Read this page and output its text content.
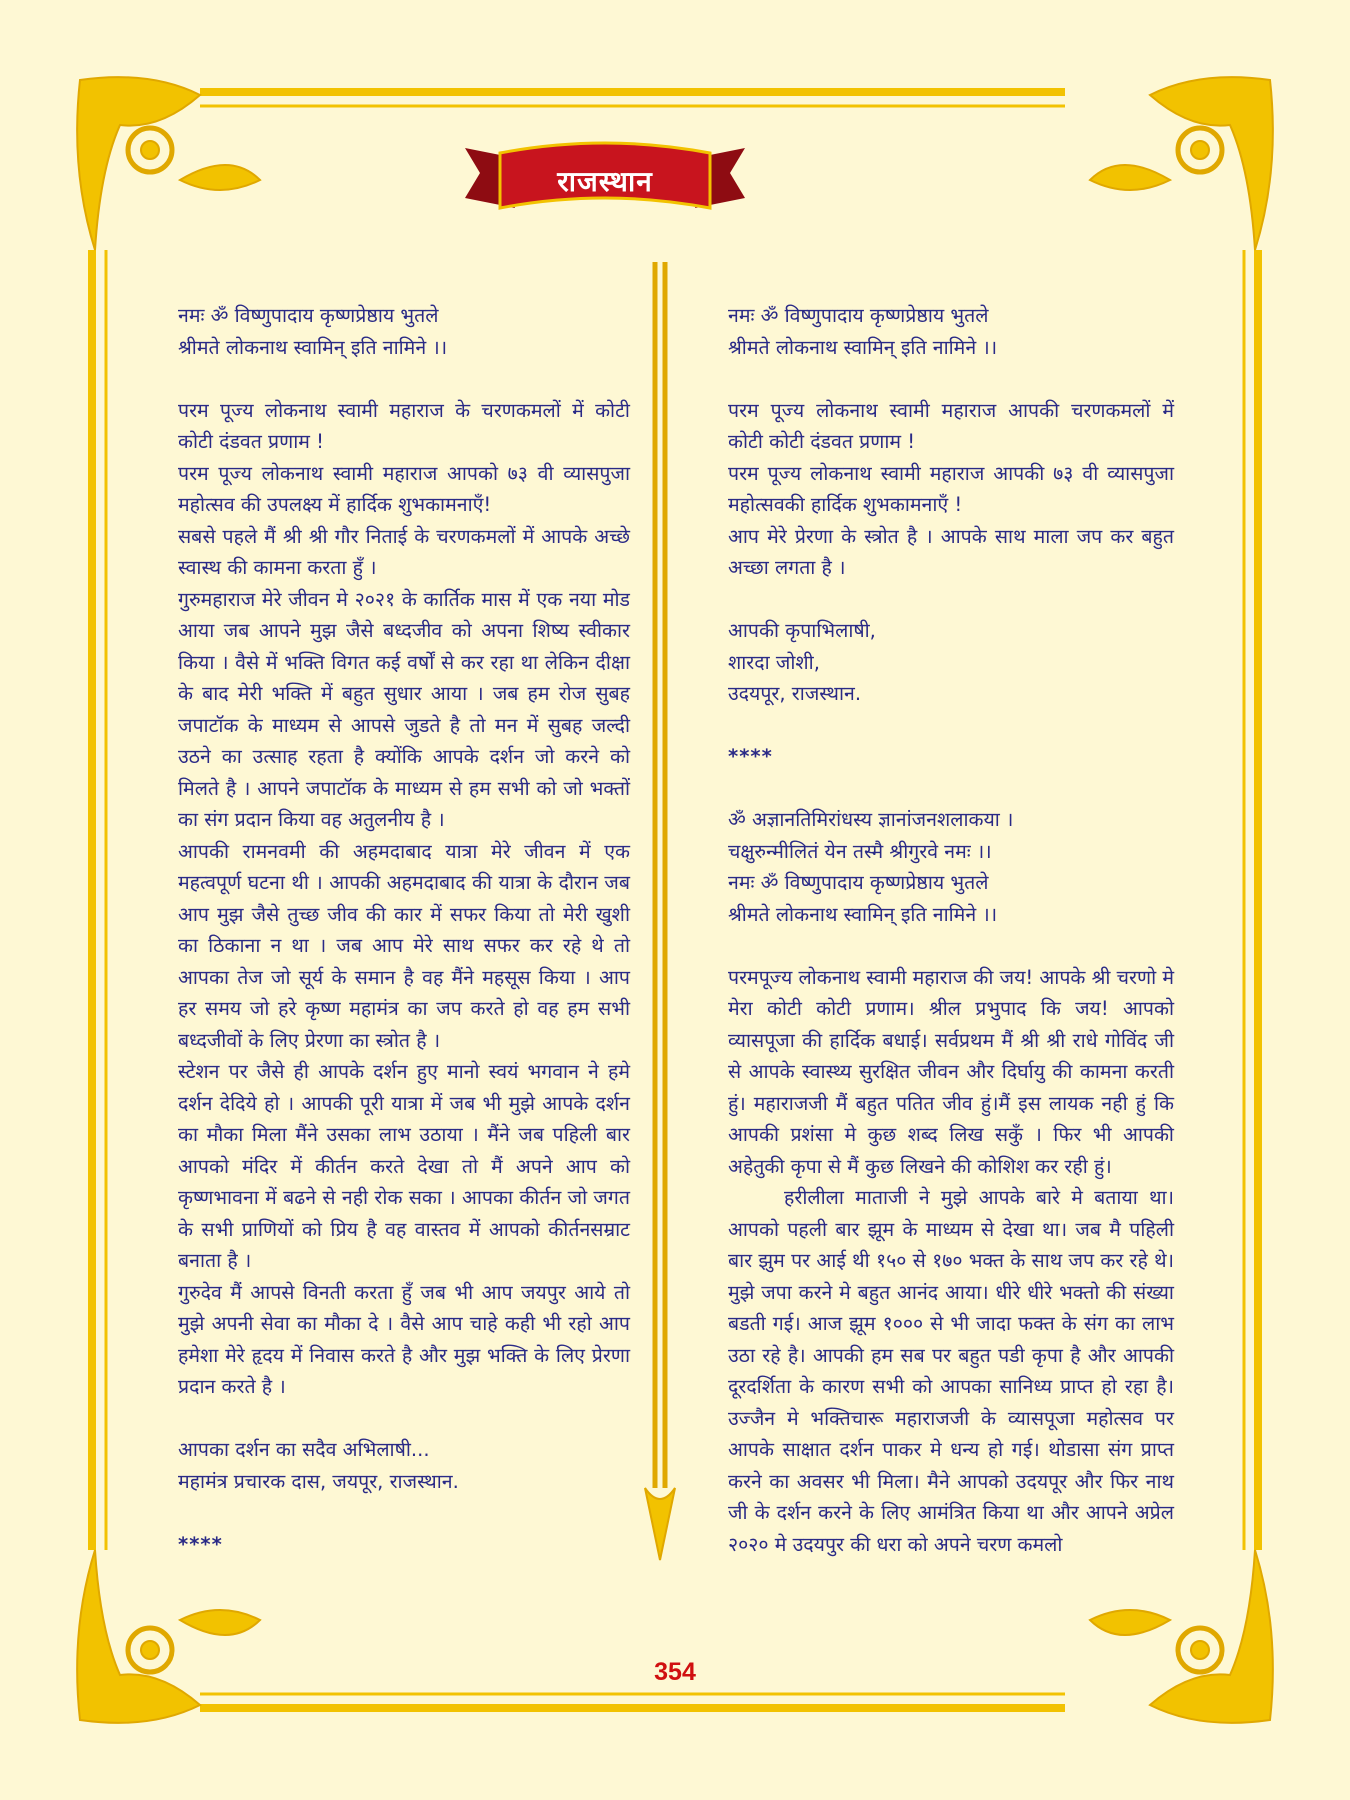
राजस्थान

नमः ॐ विष्णुपादाय कृष्णप्रेष्ठाय भुतले

श्रीमते लोकनाथ स्वामिन् इति नामिने ।।

परम पूज्य लोकनाथ स्वामी महाराज के चरणकमलों में कोटी कोटी दंडवत प्रणाम !

परम पूज्य लोकनाथ स्वामी महाराज आपको ७३ वी व्यासपुजा महोत्सव की उपलक्ष्य में हार्दिक शुभकामनाएँ!

सबसे पहले मैं श्री श्री गौर निताई के चरणकमलों में आपके अच्छे स्वास्थ की कामना करता हुँ ।

गुरुमहाराज मेरे जीवन मे २०२१ के कार्तिक मास में एक नया मोड आया जब आपने मुझ जैसे बध्दजीव को अपना शिष्य स्वीकार किया । वैसे में भक्ति विगत कई वर्षों से कर रहा था लेकिन दीक्षा के बाद मेरी भक्ति में बहुत सुधार आया । जब हम रोज सुबह जपाटॉक के माध्यम से आपसे जुडते है तो मन में सुबह जल्दी उठने का उत्साह रहता है क्योंकि आपके दर्शन जो करने को मिलते है । आपने जपाटॉक के माध्यम से हम सभी को जो भक्तों का संग प्रदान किया वह अतुलनीय है ।

आपकी रामनवमी की अहमदाबाद यात्रा मेरे जीवन में एक महत्वपूर्ण घटना थी । आपकी अहमदाबाद की यात्रा के दौरान जब आप मुझ जैसे तुच्छ जीव की कार में सफर किया तो मेरी खुशी का ठिकाना न था । जब आप मेरे साथ सफर कर रहे थे तो आपका तेज जो सूर्य के समान है वह मैंने महसूस किया । आप हर समय जो हरे कृष्ण महामंत्र का जप करते हो वह हम सभी बध्दजीवों के लिए प्रेरणा का स्त्रोत है ।

स्टेशन पर जैसे ही आपके दर्शन हुए मानो स्वयं भगवान ने हमे दर्शन देदिये हो । आपकी पूरी यात्रा में जब भी मुझे आपके दर्शन का मौका मिला मैंने उसका लाभ उठाया । मैंने जब पहिली बार आपको मंदिर में कीर्तन करते देखा तो मैं अपने आप को कृष्णभावना में बढने से नही रोक सका । आपका कीर्तन जो जगत के सभी प्राणियों को प्रिय है वह वास्तव में आपको कीर्तनसम्राट बनाता है ।

गुरुदेव मैं आपसे विनती करता हुँ जब भी आप जयपुर आये तो मुझे अपनी सेवा का मौका दे । वैसे आप चाहे कही भी रहो आप हमेशा मेरे हृदय में निवास करते है और मुझ भक्ति के लिए प्रेरणा प्रदान करते है ।

आपका दर्शन का सदैव अभिलाषी...

महामंत्र प्रचारक दास, जयपूर, राजस्थान.

****

नमः ॐ विष्णुपादाय कृष्णप्रेष्ठाय भुतले

श्रीमते लोकनाथ स्वामिन् इति नामिने ।।

परम पूज्य लोकनाथ स्वामी महाराज आपकी चरणकमलों में कोटी कोटी दंडवत प्रणाम !

परम पूज्य लोकनाथ स्वामी महाराज आपकी ७३ वी व्यासपुजा महोत्सवकी हार्दिक शुभकामनाएँ !

आप मेरे प्रेरणा के स्त्रोत है । आपके साथ माला जप कर बहुत अच्छा लगता है ।

आपकी कृपाभिलाषी,

शारदा जोशी,

उदयपूर, राजस्थान.

****

ॐ अज्ञानतिमिरांधस्य ज्ञानांजनशलाकया ।

चक्षुरुन्मीलितं येन तस्मै श्रीगुरवे नमः ।।

नमः ॐ विष्णुपादाय कृष्णप्रेष्ठाय भुतले

श्रीमते लोकनाथ स्वामिन् इति नामिने ।।

परमपूज्य लोकनाथ स्वामी महाराज की जय! आपके श्री चरणो मे मेरा कोटी कोटी प्रणाम। श्रील प्रभुपाद कि जय! आपको व्यासपूजा की हार्दिक बधाई। सर्वप्रथम मैं श्री श्री राधे गोविंद जी से आपके स्वास्थ्य सुरक्षित जीवन और दिर्घायु की कामना करती हुं। महाराजजी मैं बहुत पतित जीव हुं।मैं इस लायक नही हुं कि आपकी प्रशंसा मे कुछ शब्द लिख सकुँ । फिर भी आपकी अहेतुकी कृपा से मैं कुछ लिखने की कोशिश कर रही हुं।

हरीलीला माताजी ने मुझे आपके बारे मे बताया था। आपको पहली बार झूम के माध्यम से देखा था। जब मै पहिली बार झुम पर आई थी १५० से १७० भक्त के साथ जप कर रहे थे। मुझे जपा करने मे बहुत आनंद आया। धीरे धीरे भक्तो की संख्या बडती गई। आज झूम १००० से भी जादा फक्त के संग का लाभ उठा रहे है। आपकी हम सब पर बहुत पडी कृपा है और आपकी दूरदर्शिता के कारण सभी को आपका सानिध्य प्राप्त हो रहा है। उज्जैन मे भक्तिचारू महाराजजी के व्यासपूजा महोत्सव पर आपके साक्षात दर्शन पाकर मे धन्य हो गई। थोडासा संग प्राप्त करने का अवसर भी मिला। मैने आपको उदयपूर और फिर नाथ जी के दर्शन करने के लिए आमंत्रित किया था और आपने अप्रेल २०२० मे उदयपुर की धरा को अपने चरण कमलो

354
